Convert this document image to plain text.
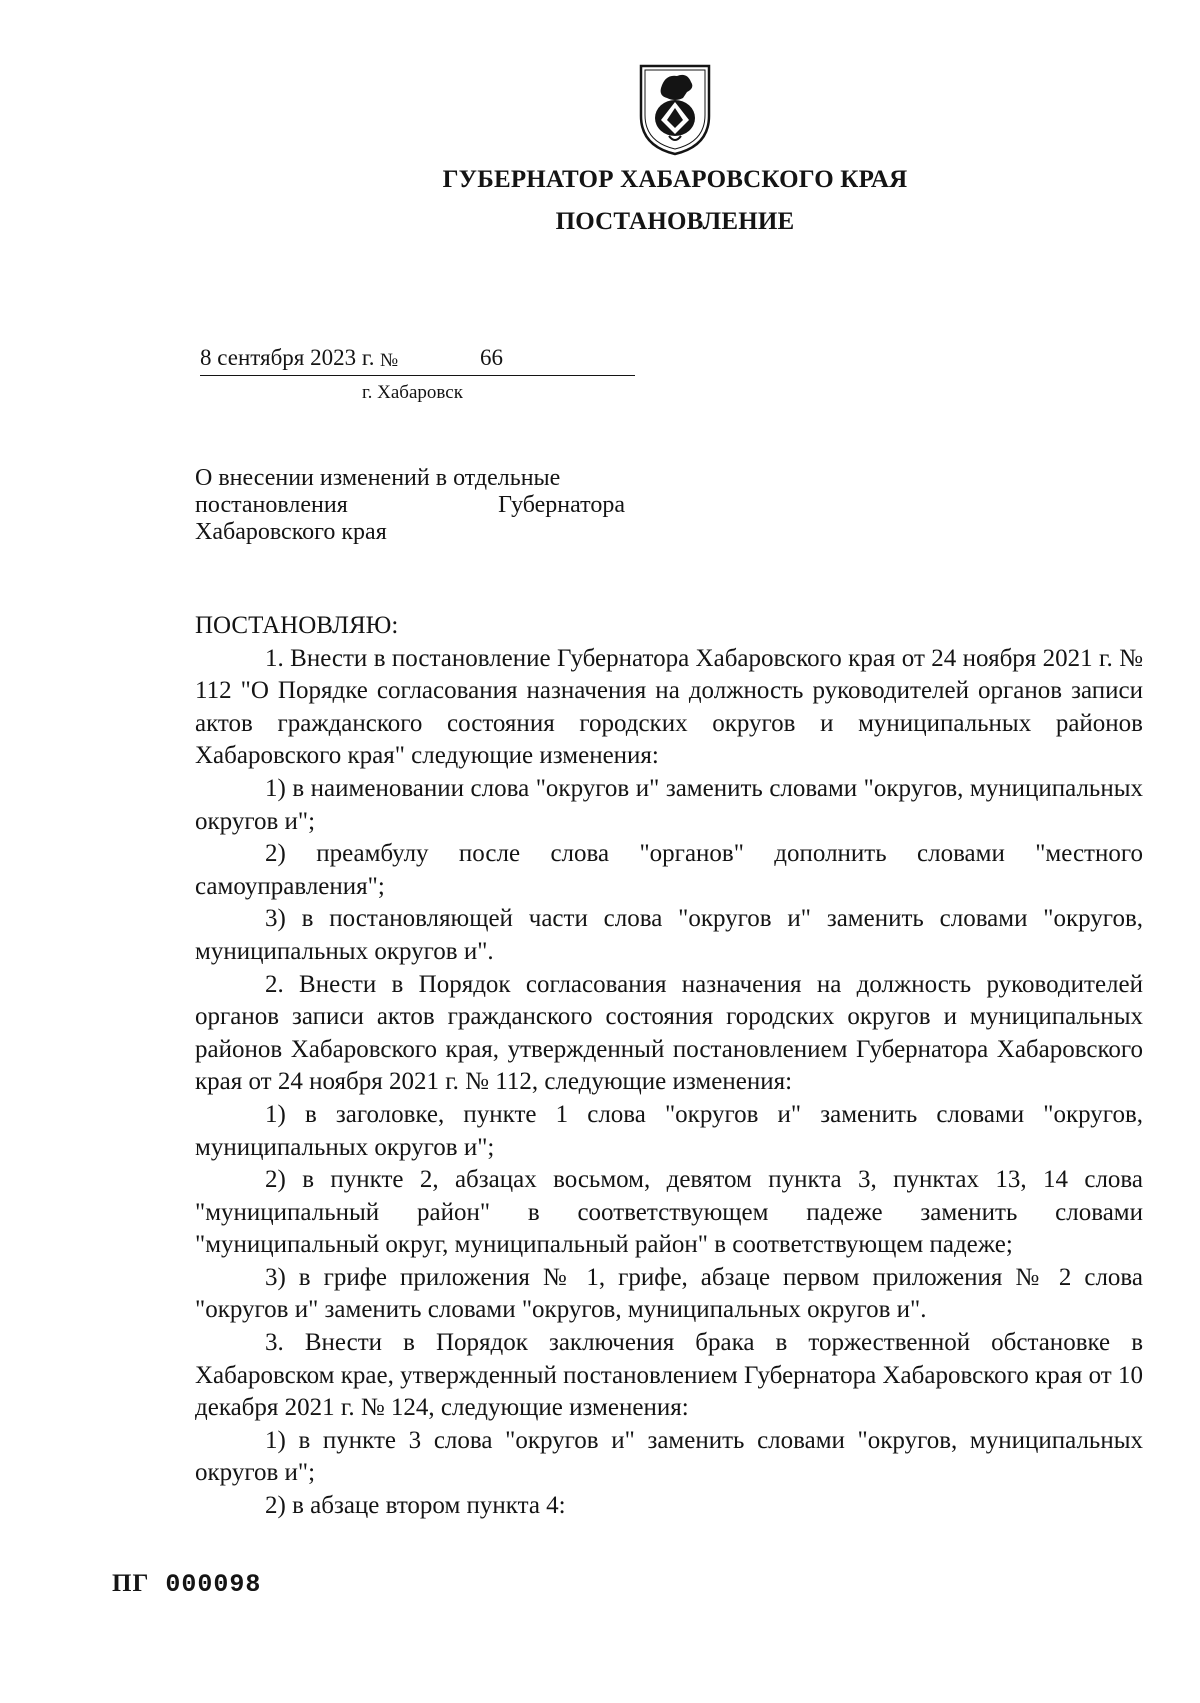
ГУБЕРНАТОР ХАБАРОВСКОГО КРАЯ
ПОСТАНОВЛЕНИЕ
8 сентября 2023 г. №	66
г. Хабаровск
О внесении изменений в отдельные
постановления Губернатора
Хабаровского края

ПОСТАНОВЛЯЮ:

1. Внести в постановление Губернатора Хабаровского края от 24 ноября 2021 г. № 112 "О Порядке согласования назначения на должность руководителей органов записи актов гражданского состояния городских округов и муниципальных районов Хабаровского края" следующие изменения:

1) в наименовании слова "округов и" заменить словами "округов, муниципальных округов и";

2) преамбулу после слова "органов" дополнить словами "местного самоуправления";

3) в постановляющей части слова "округов и" заменить словами "округов, муниципальных округов и".

2. Внести в Порядок согласования назначения на должность руководителей органов записи актов гражданского состояния городских округов и муниципальных районов Хабаровского края, утвержденный постановлением Губернатора Хабаровского края от 24 ноября 2021 г. № 112, следующие изменения:

1) в заголовке, пункте 1 слова "округов и" заменить словами "округов, муниципальных округов и";

2) в пункте 2, абзацах восьмом, девятом пункта 3, пунктах 13, 14 слова "муниципальный район" в соответствующем падеже заменить словами "муниципальный округ, муниципальный район" в соответствующем падеже;

3) в грифе приложения № 1, грифе, абзаце первом приложения № 2 слова "округов и" заменить словами "округов, муниципальных округов и".

3. Внести в Порядок заключения брака в торжественной обстановке в Хабаровском крае, утвержденный постановлением Губернатора Хабаровского края от 10 декабря 2021 г. № 124, следующие изменения:

1) в пункте 3 слова "округов и" заменить словами "округов, муниципальных округов и";

2) в абзаце втором пункта 4:

ПГ 000098
